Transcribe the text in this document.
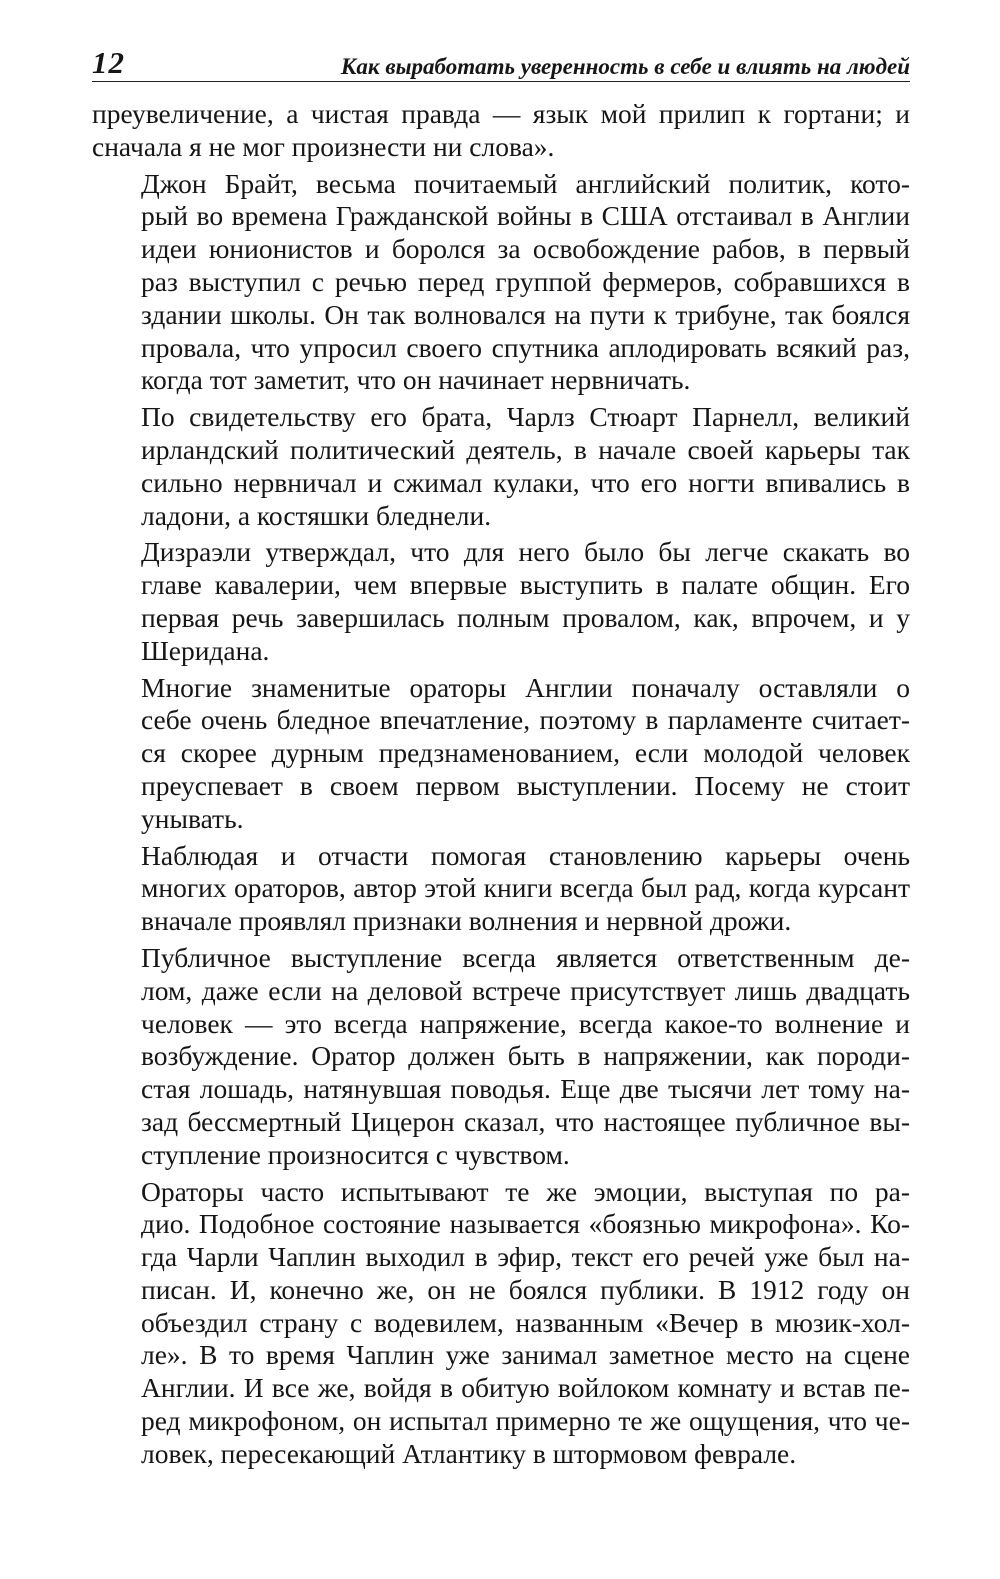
12	Как выработать уверенность в себе и влиять на людей

преувеличение, а чистая правда — язык мой прилип к гортани; и
сначала я не мог произнести ни слова».

Джон Брайт, весьма почитаемый английский политик, кото-
рый во времена Гражданской войны в США отстаивал в Англии
идеи юнионистов и боролся за освобождение рабов, в первый
раз выступил с речью перед группой фермеров, собравшихся в
здании школы. Он так волновался на пути к трибуне, так боялся
провала, что упросил своего спутника аплодировать всякий раз,
когда тот заметит, что он начинает нервничать.

По свидетельству его брата, Чарлз Стюарт Парнелл, великий
ирландский политический деятель, в начале своей карьеры так
сильно нервничал и сжимал кулаки, что его ногти впивались в
ладони, а костяшки бледнели.

Дизраэли утверждал, что для него было бы легче скакать во
главе кавалерии, чем впервые выступить в палате общин. Его
первая речь завершилась полным провалом, как, впрочем, и у
Шеридана.

Многие знаменитые ораторы Англии поначалу оставляли о
себе очень бледное впечатление, поэтому в парламенте считает-
ся скорее дурным предзнаменованием, если молодой человек
преуспевает в своем первом выступлении. Посему не стоит
унывать.

Наблюдая и отчасти помогая становлению карьеры очень
многих ораторов, автор этой книги всегда был рад, когда курсант
вначале проявлял признаки волнения и нервной дрожи.

Публичное выступление всегда является ответственным де-
лом, даже если на деловой встрече присутствует лишь двадцать
человек — это всегда напряжение, всегда какое-то волнение и
возбуждение. Оратор должен быть в напряжении, как породи-
стая лошадь, натянувшая поводья. Еще две тысячи лет тому на-
зад бессмертный Цицерон сказал, что настоящее публичное вы-
ступление произносится с чувством.

Ораторы часто испытывают те же эмоции, выступая по ра-
дио. Подобное состояние называется «боязнью микрофона». Ко-
гда Чарли Чаплин выходил в эфир, текст его речей уже был на-
писан. И, конечно же, он не боялся публики. В 1912 году он
объездил страну с водевилем, названным «Вечер в мюзик-хол-
ле». В то время Чаплин уже занимал заметное место на сцене
Англии. И все же, войдя в обитую войлоком комнату и встав пе-
ред микрофоном, он испытал примерно те же ощущения, что че-
ловек, пересекающий Атлантику в штормовом феврале.
